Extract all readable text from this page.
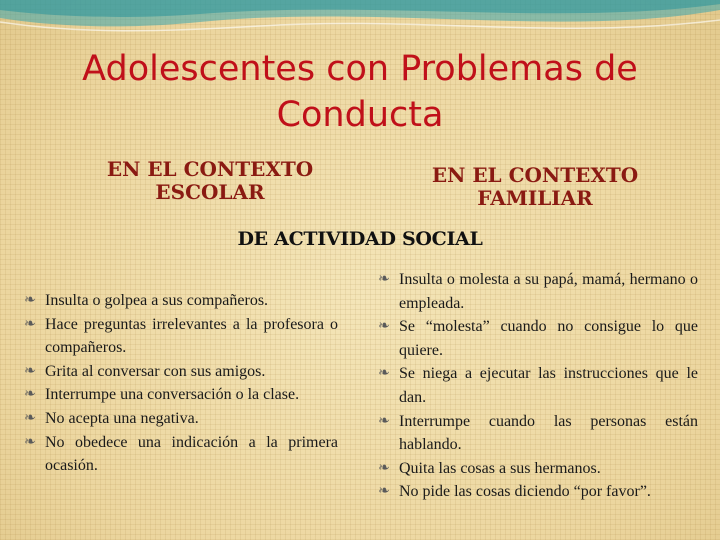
Adolescentes con Problemas de Conducta
EN EL CONTEXTO ESCOLAR
EN EL CONTEXTO FAMILIAR
DE ACTIVIDAD SOCIAL
❧ Insulta o golpea a sus compañeros.
❧ Hace preguntas irrelevantes a la profesora o compañeros.
❧ Grita al conversar con sus amigos.
❧ Interrumpe una conversación o la clase.
❧ No acepta una negativa.
❧ No obedece una indicación a la primera ocasión.
❧ Insulta o molesta a su papá, mamá, hermano o empleada.
❧ Se “molesta” cuando no consigue lo que quiere.
❧ Se niega a ejecutar las instrucciones que le dan.
❧ Interrumpe cuando las personas están hablando.
❧ Quita las cosas a sus hermanos.
❧ No pide las cosas diciendo “por favor”.
